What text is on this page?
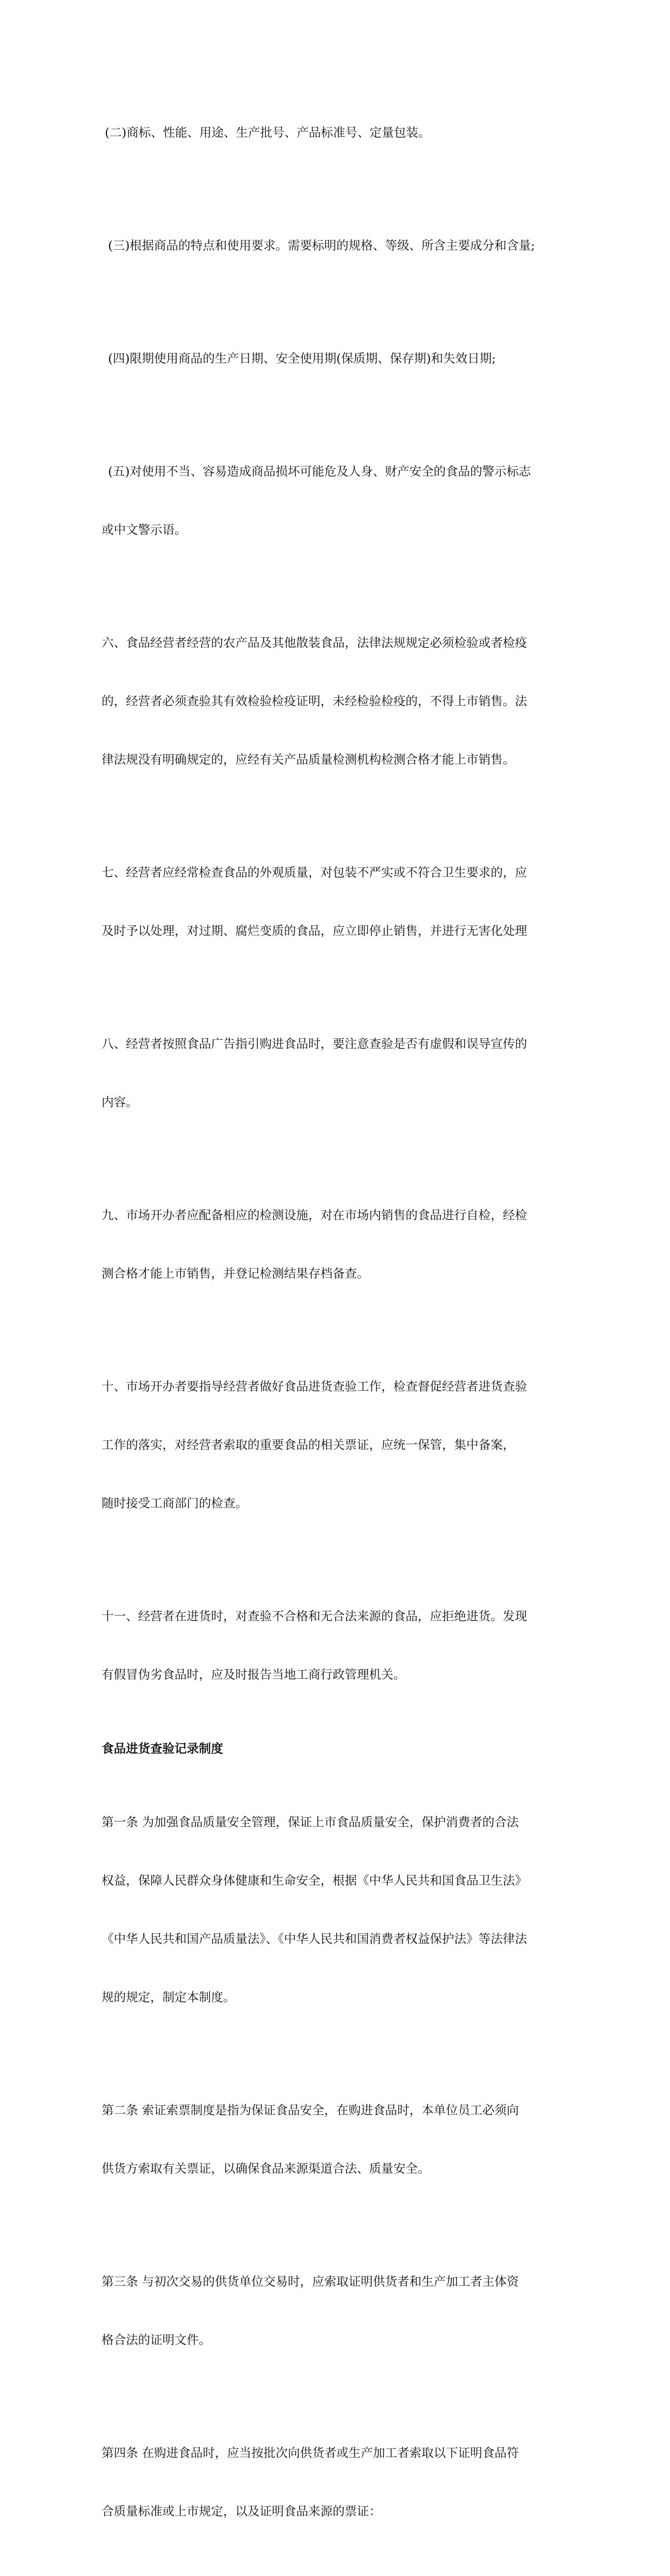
(二)商标、性能、用途、生产批号、产品标准号、定量包装。

(三)根据商品的特点和使用要求。需要标明的规格、等级、所含主要成分和含量;

(四)限期使用商品的生产日期、安全使用期(保质期、保存期)和失效日期;

(五)对使用不当、容易造成商品损坏可能危及人身、财产安全的食品的警示标志

或中文警示语。

六、食品经营者经营的农产品及其他散装食品，法律法规规定必须检验或者检疫

的，经营者必须查验其有效检验检疫证明，未经检验检疫的，不得上市销售。法

律法规没有明确规定的，应经有关产品质量检测机构检测合格才能上市销售。

七、经营者应经常检查食品的外观质量，对包装不严实或不符合卫生要求的，应

及时予以处理，对过期、腐烂变质的食品，应立即停止销售，并进行无害化处理

八、经营者按照食品广告指引购进食品时，要注意查验是否有虚假和误导宣传的

内容。

九、市场开办者应配备相应的检测设施，对在市场内销售的食品进行自检，经检

测合格才能上市销售，并登记检测结果存档备查。

十、市场开办者要指导经营者做好食品进货查验工作，检查督促经营者进货查验

工作的落实，对经营者索取的重要食品的相关票证，应统一保管，集中备案，

随时接受工商部门的检查。

十一、经营者在进货时，对查验不合格和无合法来源的食品，应拒绝进货。发现

有假冒伪劣食品时，应及时报告当地工商行政管理机关。

食品进货查验记录制度

第一条 为加强食品质量安全管理，保证上市食品质量安全，保护消费者的合法

权益，保障人民群众身体健康和生命安全，根据《中华人民共和国食品卫生法》

《中华人民共和国产品质量法》、《中华人民共和国消费者权益保护法》等法律法

规的规定，制定本制度。

第二条 索证索票制度是指为保证食品安全，在购进食品时，本单位员工必须向

供货方索取有关票证，以确保食品来源渠道合法、质量安全。

第三条 与初次交易的供货单位交易时，应索取证明供货者和生产加工者主体资

格合法的证明文件。

第四条 在购进食品时，应当按批次向供货者或生产加工者索取以下证明食品符

合质量标准或上市规定，以及证明食品来源的票证：
